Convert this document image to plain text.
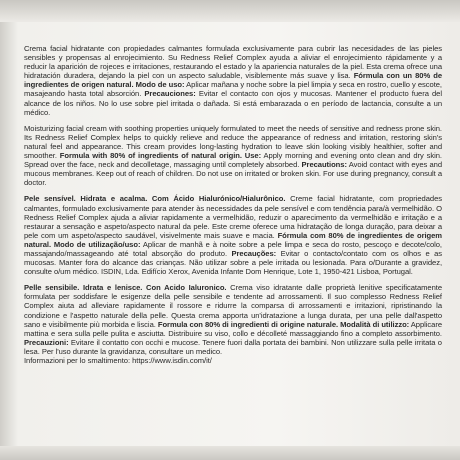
Crema facial hidratante con propiedades calmantes formulada exclusivamente para cubrir las necesidades de las pieles sensibles y propensas al enrojecimiento. Su Redness Relief Complex ayuda a aliviar el enrojecimiento rápidamente y a reducir la aparición de rojeces e irritaciones, restaurando el estado y la apariencia naturales de la piel. Esta crema ofrece una hidratación duradera, dejando la piel con un aspecto saludable, visiblemente más suave y lisa. Fórmula con un 80% de ingredientes de origen natural. Modo de uso: Aplicar mañana y noche sobre la piel limpia y seca en rostro, cuello y escote, masajeando hasta total absorción. Precauciones: Evitar el contacto con ojos y mucosas. Mantener el producto fuera del alcance de los niños. No lo use sobre piel irritada o dañada. Si está embarazada o en período de lactancia, consulte a un médico.

Moisturizing facial cream with soothing properties uniquely formulated to meet the needs of sensitive and redness prone skin. Its Redness Relief Complex helps to quickly relieve and reduce the appearance of redness and irritation, restoring skin's natural feel and appearance. This cream provides long-lasting hydration to leave skin looking visibly healthier, softer and smoother. Formula with 80% of ingredients of natural origin. Use: Apply morning and evening onto clean and dry skin. Spread over the face, neck and decolletage, massaging until completely absorbed. Precautions: Avoid contact with eyes and mucous membranes. Keep out of reach of children. Do not use on irritated or broken skin. For use during pregnancy, consult a doctor.

Pele sensível. Hidrata e acalma. Com Ácido Hialurónico/Hialurônico. Creme facial hidratante, com propriedades calmantes, formulado exclusivamente para atender às necessidades da pele sensível e com tendência para/à vermelhidão. O Redness Relief Complex ajuda a aliviar rapidamente a vermelhidão, reduzir o aparecimento da vermelhidão e irritação e a restaurar a sensação e aspeto/aspecto natural da pele. Este creme oferece uma hidratação de longa duração, para deixar a pele com um aspeto/aspecto saudável, visivelmente mais suave e macia. Fórmula com 80% de ingredientes de origem natural. Modo de utilização/uso: Aplicar de manhã e à noite sobre a pele limpa e seca do rosto, pescoço e decote/colo, massajando/massageando até total absorção do produto. Precauções: Evitar o contacto/contato com os olhos e as mucosas. Manter fora do alcance das crianças. Não utilizar sobre a pele irritada ou lesionada. Para o/Durante a gravidez, consulte o/um médico. ISDIN, Lda. Edifício Xerox, Avenida Infante Dom Henrique, Lote 1, 1950-421 Lisboa, Portugal.

Pelle sensibile. Idrata e lenisce. Con Acido Ialuronico. Crema viso idratante dalle proprietà lenitive specificatamente formulata per soddisfare le esigenze della pelle sensibile e tendente ad arrossamenti. Il suo complesso Redness Relief Complex aiuta ad alleviare rapidamente il rossore e ridurre la comparsa di arrossamenti e irritazioni, ripristinando la condizione e l'aspetto naturale della pelle. Questa crema apporta un'idratazione a lunga durata, per una pelle dall'aspetto sano e visibilmente più morbida e liscia. Formula con 80% di ingredienti di origine naturale. Modalità di utilizzo: Applicare mattina e sera sulla pelle pulita e asciutta. Distribuire su viso, collo e décolleté massaggiando fino a completo assorbimento. Precauzioni: Evitare il contatto con occhi e mucose. Tenere fuori dalla portata dei bambini. Non utilizzare sulla pelle irritata o lesa. Per l'uso durante la gravidanza, consultare un medico.
Informazioni per lo smaltimento: https://www.isdin.com/it/
